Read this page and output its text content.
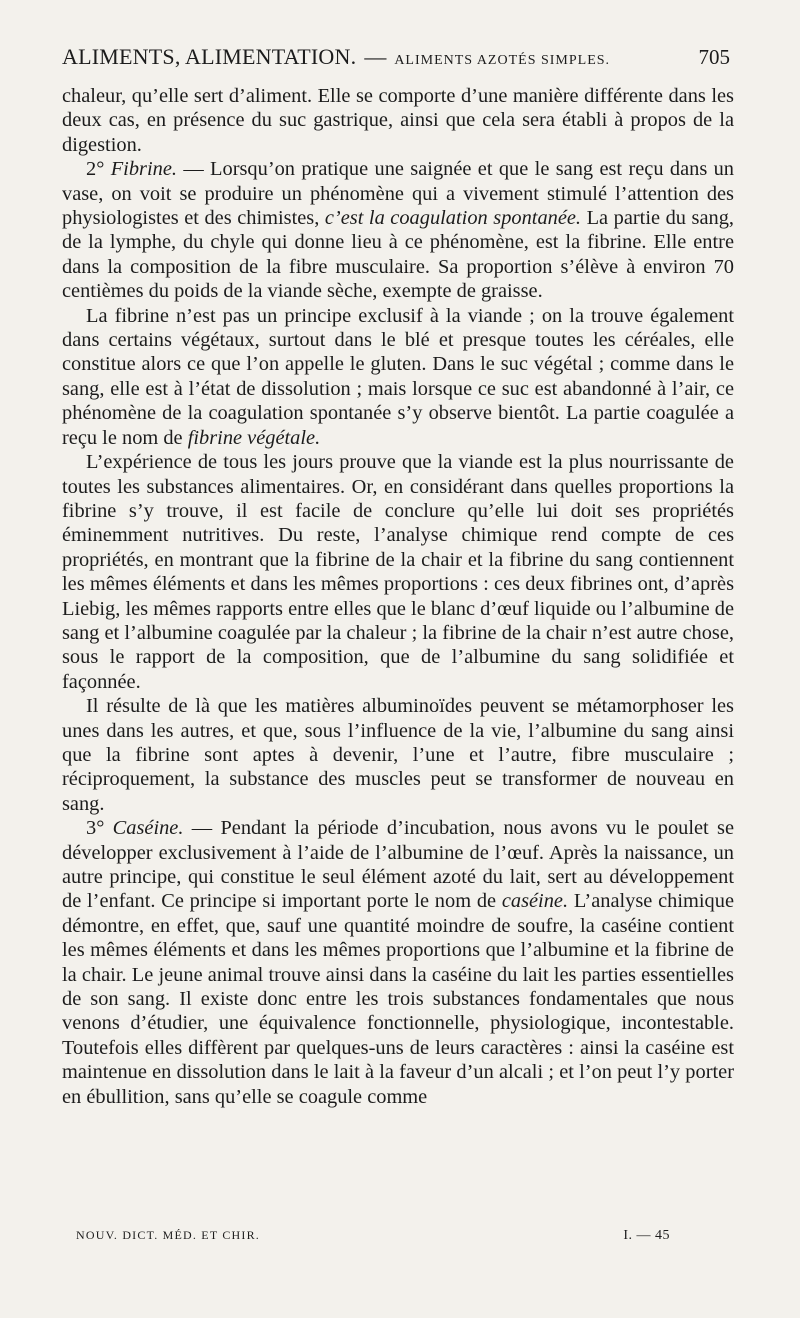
ALIMENTS, ALIMENTATION. — ALIMENTS AZOTÉS SIMPLES.	705

chaleur, qu’elle sert d’aliment. Elle se comporte d’une manière différente dans les deux cas, en présence du suc gastrique, ainsi que cela sera établi à propos de la digestion.

2° Fibrine. — Lorsqu’on pratique une saignée et que le sang est reçu dans un vase, on voit se produire un phénomène qui a vivement stimulé l’attention des physiologistes et des chimistes, c’est la coagulation spontanée. La partie du sang, de la lymphe, du chyle qui donne lieu à ce phénomène, est la fibrine. Elle entre dans la composition de la fibre musculaire. Sa proportion s’élève à environ 70 centièmes du poids de la viande sèche, exempte de graisse.

La fibrine n’est pas un principe exclusif à la viande ; on la trouve également dans certains végétaux, surtout dans le blé et presque toutes les céréales, elle constitue alors ce que l’on appelle le gluten. Dans le suc végétal ; comme dans le sang, elle est à l’état de dissolution ; mais lorsque ce suc est abandonné à l’air, ce phénomène de la coagulation spontanée s’y observe bientôt. La partie coagulée a reçu le nom de fibrine végétale.

L’expérience de tous les jours prouve que la viande est la plus nourrissante de toutes les substances alimentaires. Or, en considérant dans quelles proportions la fibrine s’y trouve, il est facile de conclure qu’elle lui doit ses propriétés éminemment nutritives. Du reste, l’analyse chimique rend compte de ces propriétés, en montrant que la fibrine de la chair et la fibrine du sang contiennent les mêmes éléments et dans les mêmes proportions : ces deux fibrines ont, d’après Liebig, les mêmes rapports entre elles que le blanc d’œuf liquide ou l’albumine de sang et l’albumine coagulée par la chaleur ; la fibrine de la chair n’est autre chose, sous le rapport de la composition, que de l’albumine du sang solidifiée et façonnée.

Il résulte de là que les matières albuminoïdes peuvent se métamorphoser les unes dans les autres, et que, sous l’influence de la vie, l’albumine du sang ainsi que la fibrine sont aptes à devenir, l’une et l’autre, fibre musculaire ; réciproquement, la substance des muscles peut se transformer de nouveau en sang.

3° Caséine. — Pendant la période d’incubation, nous avons vu le poulet se développer exclusivement à l’aide de l’albumine de l’œuf. Après la naissance, un autre principe, qui constitue le seul élément azoté du lait, sert au développement de l’enfant. Ce principe si important porte le nom de caséine. L’analyse chimique démontre, en effet, que, sauf une quantité moindre de soufre, la caséine contient les mêmes éléments et dans les mêmes proportions que l’albumine et la fibrine de la chair. Le jeune animal trouve ainsi dans la caséine du lait les parties essentielles de son sang. Il existe donc entre les trois substances fondamentales que nous venons d’étudier, une équivalence fonctionnelle, physiologique, incontestable. Toutefois elles diffèrent par quelques-uns de leurs caractères : ainsi la caséine est maintenue en dissolution dans le lait à la faveur d’un alcali ; et l’on peut l’y porter en ébullition, sans qu’elle se coagule comme

NOUV. DICT. MÉD. ET CHIR.	I. — 45
